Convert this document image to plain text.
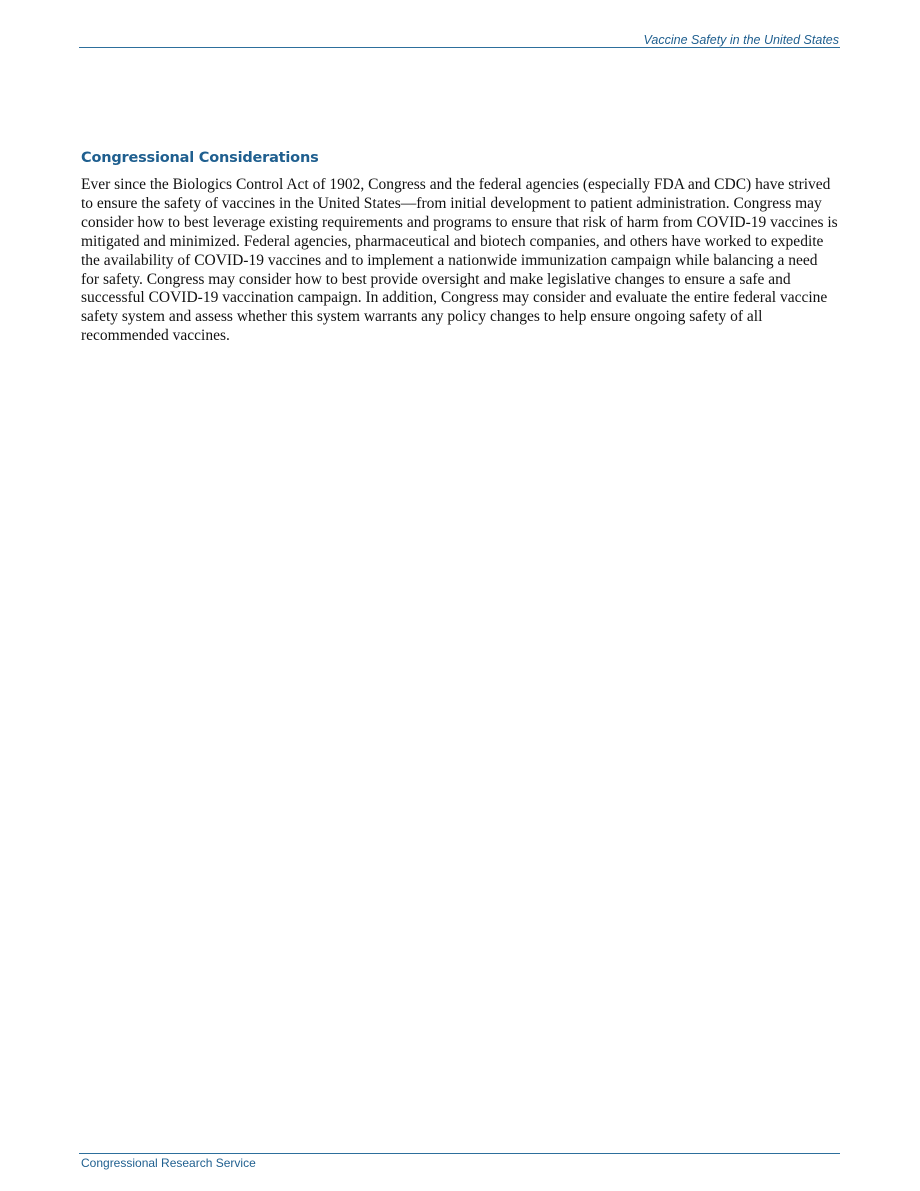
Vaccine Safety in the United States
Congressional Considerations

Ever since the Biologics Control Act of 1902, Congress and the federal agencies (especially FDA and CDC) have strived to ensure the safety of vaccines in the United States—from initial development to patient administration. Congress may consider how to best leverage existing requirements and programs to ensure that risk of harm from COVID-19 vaccines is mitigated and minimized. Federal agencies, pharmaceutical and biotech companies, and others have worked to expedite the availability of COVID-19 vaccines and to implement a nationwide immunization campaign while balancing a need for safety. Congress may consider how to best provide oversight and make legislative changes to ensure a safe and successful COVID-19 vaccination campaign. In addition, Congress may consider and evaluate the entire federal vaccine safety system and assess whether this system warrants any policy changes to help ensure ongoing safety of all recommended vaccines.

Congressional Research Service
